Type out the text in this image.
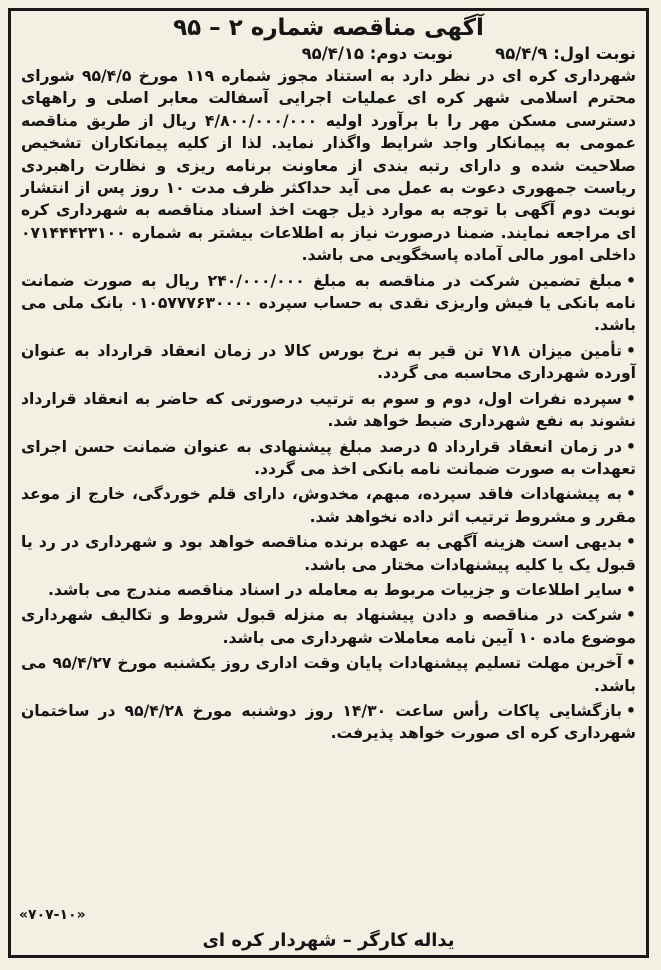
آگهی مناقصه شماره ۲ – ۹۵
نوبت اول: ۹۵/۴/۹
نوبت دوم: ۹۵/۴/۱۵

شهرداری کره ای در نظر دارد به استناد مجوز شماره ۱۱۹ مورخ ۹۵/۴/۵ شورای محترم اسلامی شهر کره ای عملیات اجرایی آسفالت معابر اصلی و راههای دسترسی مسکن مهر را با برآورد اولیه ۴/۸۰۰/۰۰۰/۰۰۰ ریال از طریق مناقصه عمومی به پیمانکار واجد شرایط واگذار نماید. لذا از کلیه پیمانکاران تشخیص صلاحیت شده و دارای رتبه بندی از معاونت برنامه ریزی و نظارت راهبردی ریاست جمهوری دعوت به عمل می آید حداکثر ظرف مدت ۱۰ روز پس از انتشار نوبت دوم آگهی با توجه به موارد ذیل جهت اخذ اسناد مناقصه به شهرداری کره ای مراجعه نمایند. ضمنا درصورت نیاز به اطلاعات بیشتر به شماره ۰۷۱۴۴۴۲۳۱۰۰ داخلی امور مالی آماده پاسخگویی می باشد.

•مبلغ تضمین شرکت در مناقصه به مبلغ ۲۴۰/۰۰۰/۰۰۰ ریال به صورت ضمانت نامه بانکی یا فیش واریزی نقدی به حساب سپرده ۰۱۰۵۷۷۷۶۳۰۰۰۰ بانک ملی می باشد.

•تأمین میزان ۷۱۸ تن قیر به نرخ بورس کالا در زمان انعقاد قرارداد به عنوان آورده شهرداری محاسبه می گردد.

•سپرده نفرات اول، دوم و سوم به ترتیب درصورتی که حاضر به انعقاد قرارداد نشوند به نفع شهرداری ضبط خواهد شد.

•در زمان انعقاد قرارداد ۵ درصد مبلغ پیشنهادی به عنوان ضمانت حسن اجرای تعهدات به صورت ضمانت نامه بانکی اخذ می گردد.

•به پیشنهادات فاقد سپرده، مبهم، مخدوش، دارای قلم خوردگی، خارج از موعد مقرر و مشروط ترتیب اثر داده نخواهد شد.

•بدیهی است هزینه آگهی به عهده برنده مناقصه خواهد بود و شهرداری در رد یا قبول یک یا کلیه پیشنهادات مختار می باشد.

•سایر اطلاعات و جزییات مربوط به معامله در اسناد مناقصه مندرج می باشد.

•شرکت در مناقصه و دادن پیشنهاد به منزله قبول شروط و تکالیف شهرداری موضوع ماده ۱۰ آیین نامه معاملات شهرداری می باشد.

•آخرین مهلت تسلیم پیشنهادات پایان وقت اداری روز یکشنبه مورخ ۹۵/۴/۲۷ می باشد.

•بازگشایی پاکات رأس ساعت ۱۴/۳۰ روز دوشنبه مورخ ۹۵/۴/۲۸ در ساختمان شهرداری کره ای صورت خواهد پذیرفت.

«۷۰۷-۱۰»
یداله کارگر – شهردار کره ای
